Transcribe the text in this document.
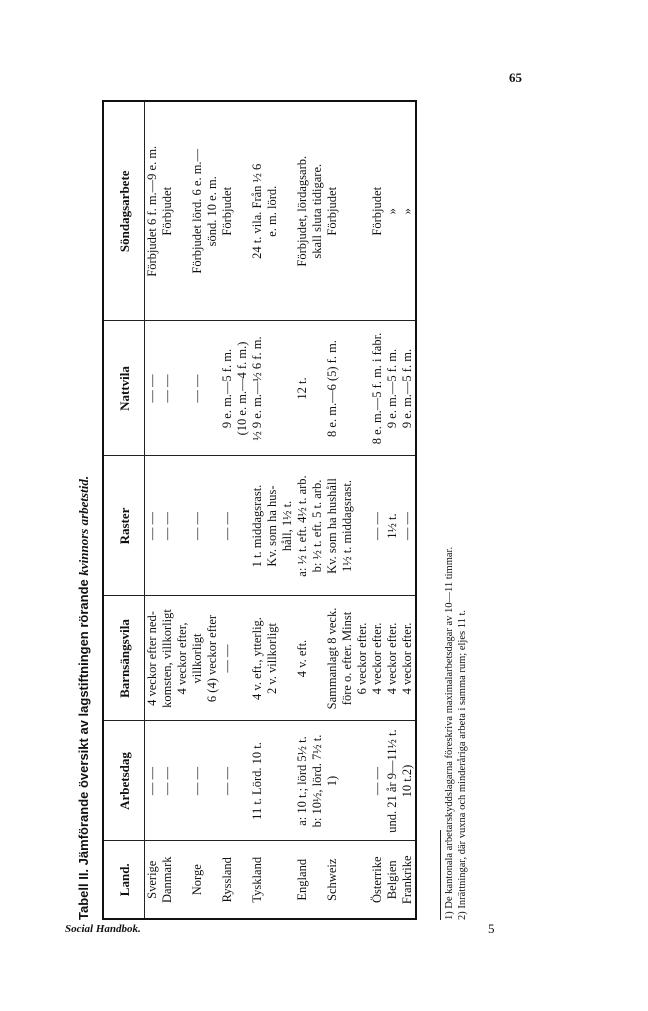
65
Tabell II. Jämförande översikt av lagstiftningen rörande kvinnors arbetstid.
Land.	Arbetsdag	Barnsängsvila	Raster	Nattvila	Söndagsarbete
Sverige	— —	4 veckor efter ned-	— —	— —	Förbjudet 6 f. m.—9 e. m.
Danmark	— —	komsten, villkorligt	— —	— —	Förbjudet
		4 veckor efter,			
Norge	— —	villkorligt	— —	— —	Förbjudet lörd. 6 e. m.—
		6 (4) veckor efter			sönd. 10 e. m.
Ryssland	— —	— —	— —	9 e. m.—5 f. m.	Förbjudet
				(10 e. m.—4 f. m.)	
Tyskland	11 t. Lörd. 10 t.	4 v. eft., ytterlig.	1 t. middagsrast.	½ 9 e. m.—½ 6 f. m.	24 t. vila. Från ½ 6
		2 v. villkorligt	Kv. som ha hus-		e. m. lörd.
			håll, 1½ t.		
England	a: 10 t.; lörd 5½ t.	4 v. eft.	a: ½ t. eft. 4½ t. arb.	12 t.	Förbjudet, lördagsarb.
	b: 10½, lörd. 7½ t.		b: ½ t. eft. 5 t. arb.		skall sluta tidigare.
Schweiz	1)	Sammanlagt 8 veck.	Kv. som ha hushåll	8 e. m.—6 (5) f. m.	Förbjudet
		före o. efter. Minst	1½ t. middagsrast.		
		6 veckor efter.			
Österrike	— —	4 veckor efter.	— —	8 e. m.—5 f. m. i fabr.	Förbjudet
Belgien	und. 21 år 9—11½ t.	4 veckor efter.	1½ t.	9 e. m.—5 f. m.	»
Frankrike	10 t.2)	4 veckor efter.	— —	9 e. m.—5 f. m.	»
1) De kantonala arbetarskyddslagarna föreskriva maximalarbetsdagar av 10—11 timmar. 2) Inrättningar, där vuxna och minderåriga arbeta i samma rum; eljes 11 t.
Social Handbok.	5
